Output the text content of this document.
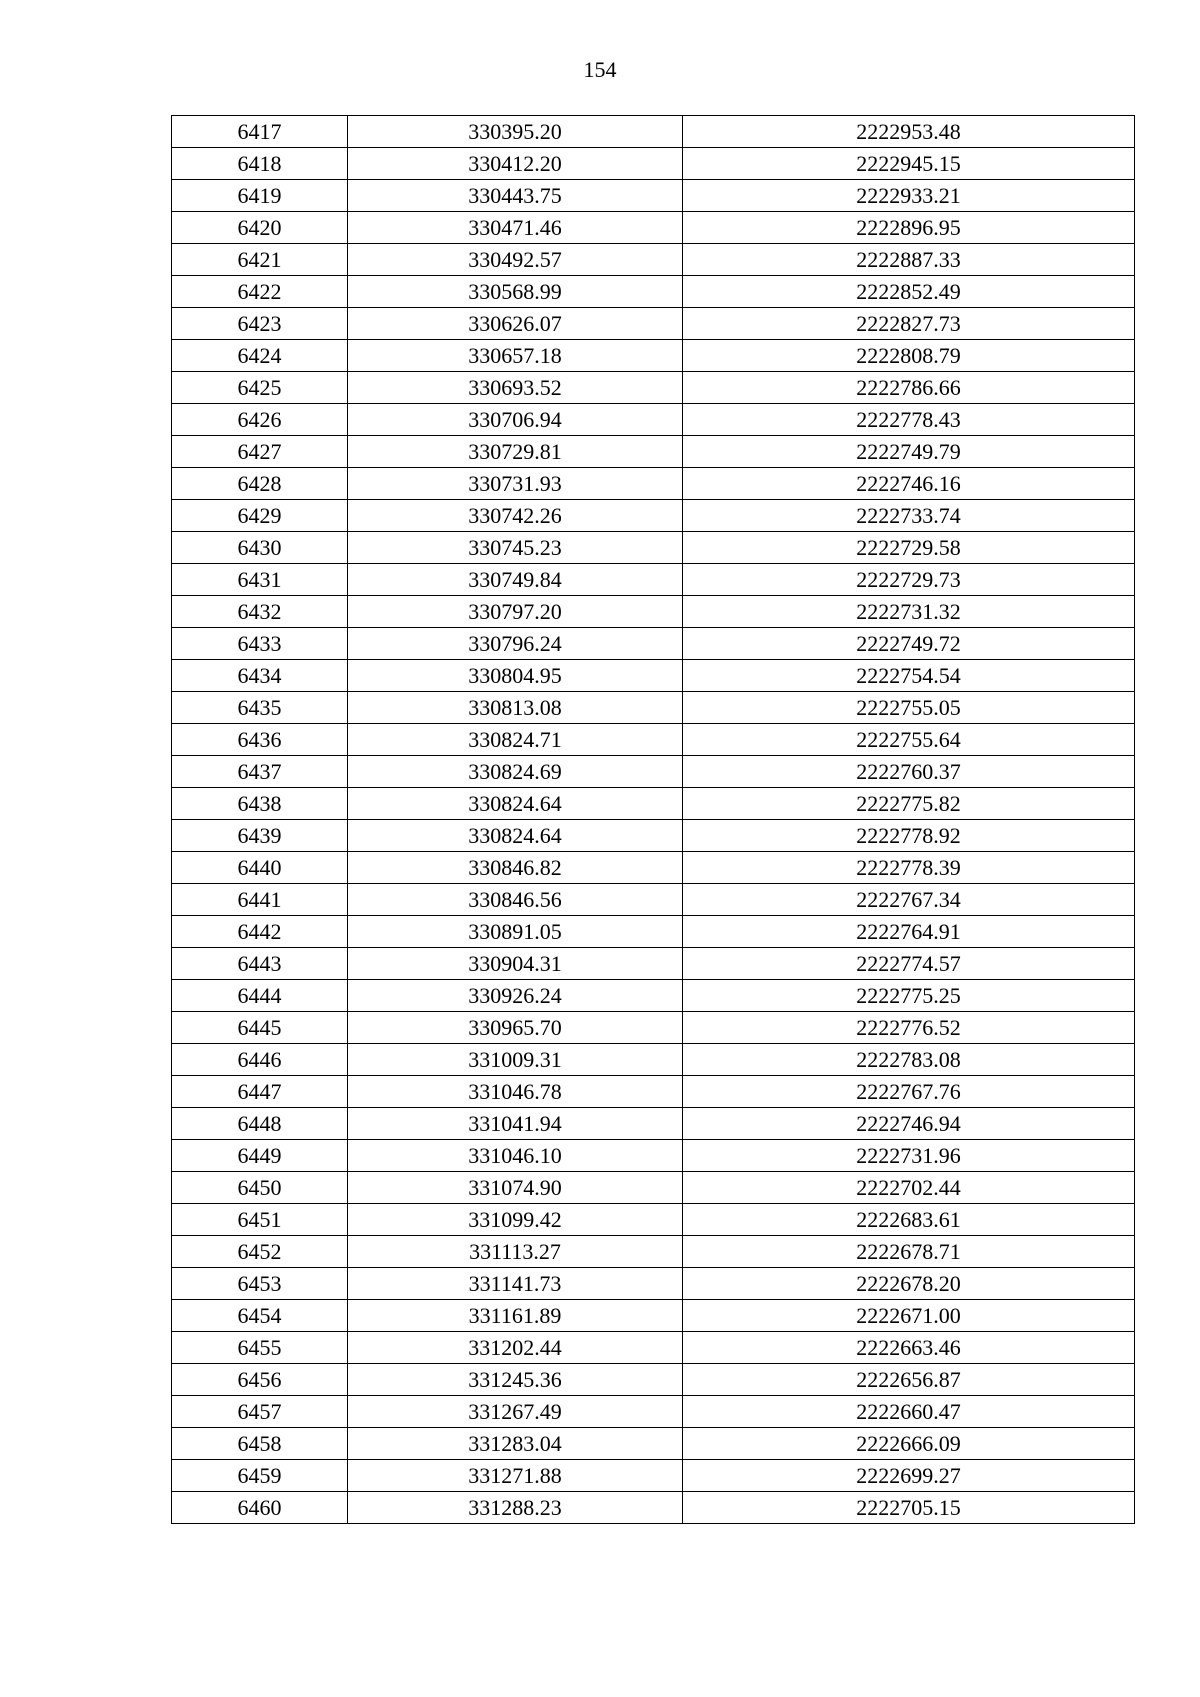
154
6417	330395.20	2222953.48
6418	330412.20	2222945.15
6419	330443.75	2222933.21
6420	330471.46	2222896.95
6421	330492.57	2222887.33
6422	330568.99	2222852.49
6423	330626.07	2222827.73
6424	330657.18	2222808.79
6425	330693.52	2222786.66
6426	330706.94	2222778.43
6427	330729.81	2222749.79
6428	330731.93	2222746.16
6429	330742.26	2222733.74
6430	330745.23	2222729.58
6431	330749.84	2222729.73
6432	330797.20	2222731.32
6433	330796.24	2222749.72
6434	330804.95	2222754.54
6435	330813.08	2222755.05
6436	330824.71	2222755.64
6437	330824.69	2222760.37
6438	330824.64	2222775.82
6439	330824.64	2222778.92
6440	330846.82	2222778.39
6441	330846.56	2222767.34
6442	330891.05	2222764.91
6443	330904.31	2222774.57
6444	330926.24	2222775.25
6445	330965.70	2222776.52
6446	331009.31	2222783.08
6447	331046.78	2222767.76
6448	331041.94	2222746.94
6449	331046.10	2222731.96
6450	331074.90	2222702.44
6451	331099.42	2222683.61
6452	331113.27	2222678.71
6453	331141.73	2222678.20
6454	331161.89	2222671.00
6455	331202.44	2222663.46
6456	331245.36	2222656.87
6457	331267.49	2222660.47
6458	331283.04	2222666.09
6459	331271.88	2222699.27
6460	331288.23	2222705.15
